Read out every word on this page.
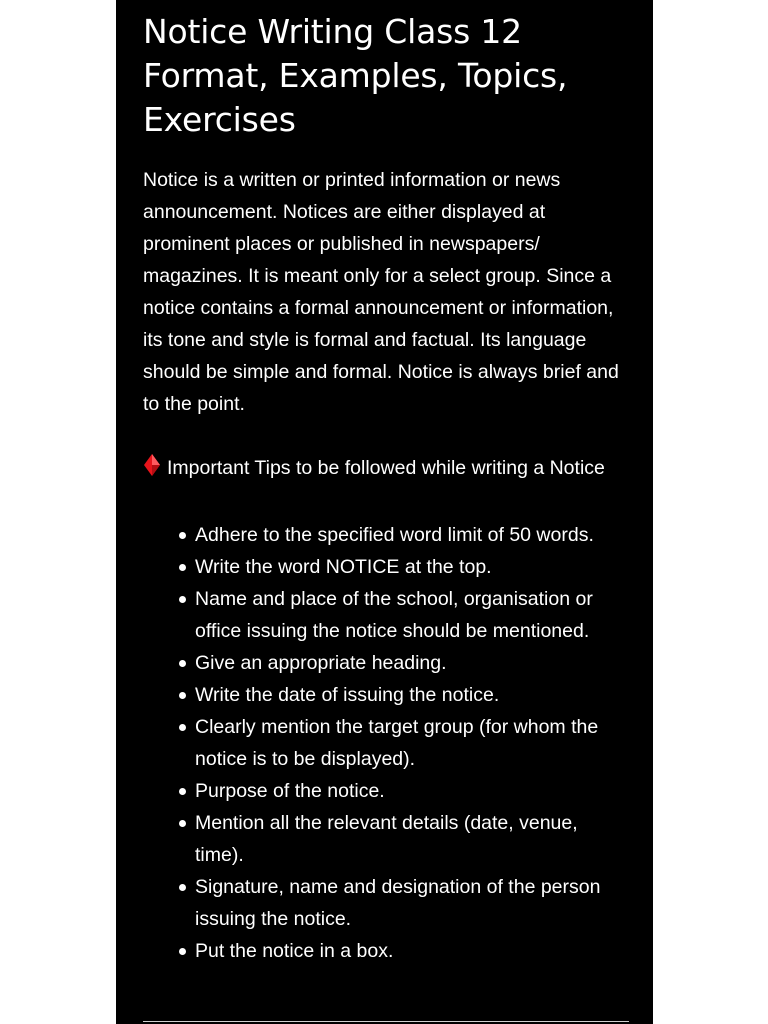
Notice Writing Class 12 Format, Examples, Topics, Exercises

Notice is a written or printed information or news announcement. Notices are either displayed at prominent places or published in newspapers/ magazines. It is meant only for a select group. Since a notice contains a formal announcement or information, its tone and style is formal and factual. Its language should be simple and formal. Notice is always brief and to the point.

Important Tips to be followed while writing a Notice

Adhere to the specified word limit of 50 words.
Write the word NOTICE at the top.
Name and place of the school, organisation or office issuing the notice should be mentioned.
Give an appropriate heading.
Write the date of issuing the notice.
Clearly mention the target group (for whom the notice is to be displayed).
Purpose of the notice.
Mention all the relevant details (date, venue, time).
Signature, name and designation of the person issuing the notice.
Put the notice in a box.
